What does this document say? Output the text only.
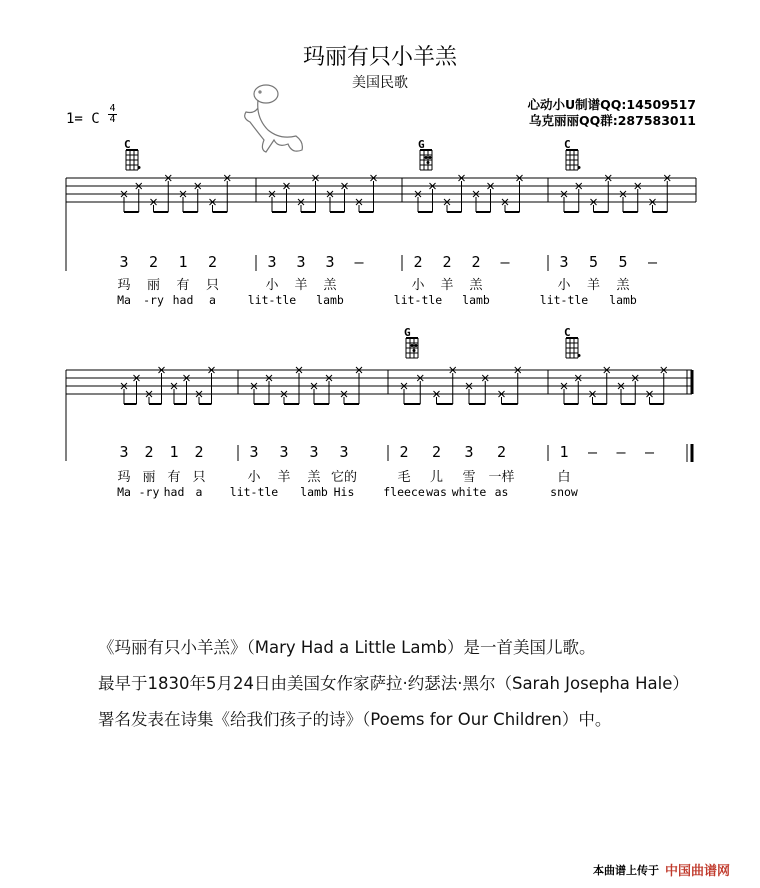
玛丽有只小羊羔
美国民歌
1= C
4
4
心动小U制谱QQ:14509517
乌克丽丽QQ群:287583011
3
玛
Ma
2
丽
-ry
1
有
had
2
只
a
C
3
小
lit-tle
3
羊
3
羔
lamb
–	2
小
lit-tle
2
羊
2
羔
lamb
–
G
3
小
lit-tle
5
羊
5
羔
lamb
–
C
3
玛
Ma
2
丽
-ry
1
有
had
2
只
a
3
小
lit-tle
3
羊
3
羔
lamb
3
它的
His
2
毛
fleece
2
儿
was
3
雪
white
2
一样
as
G
1
白
snow
– – –
C
《玛丽有只小羊羔》（Mary Had a Little Lamb）是一首美国儿歌。
最早于1830年5月24日由美国女作家萨拉·约瑟法·黑尔（Sarah Josepha Hale）
署名发表在诗集《给我们孩子的诗》（Poems for Our Children）中。
本曲谱上传于 中国曲谱网
